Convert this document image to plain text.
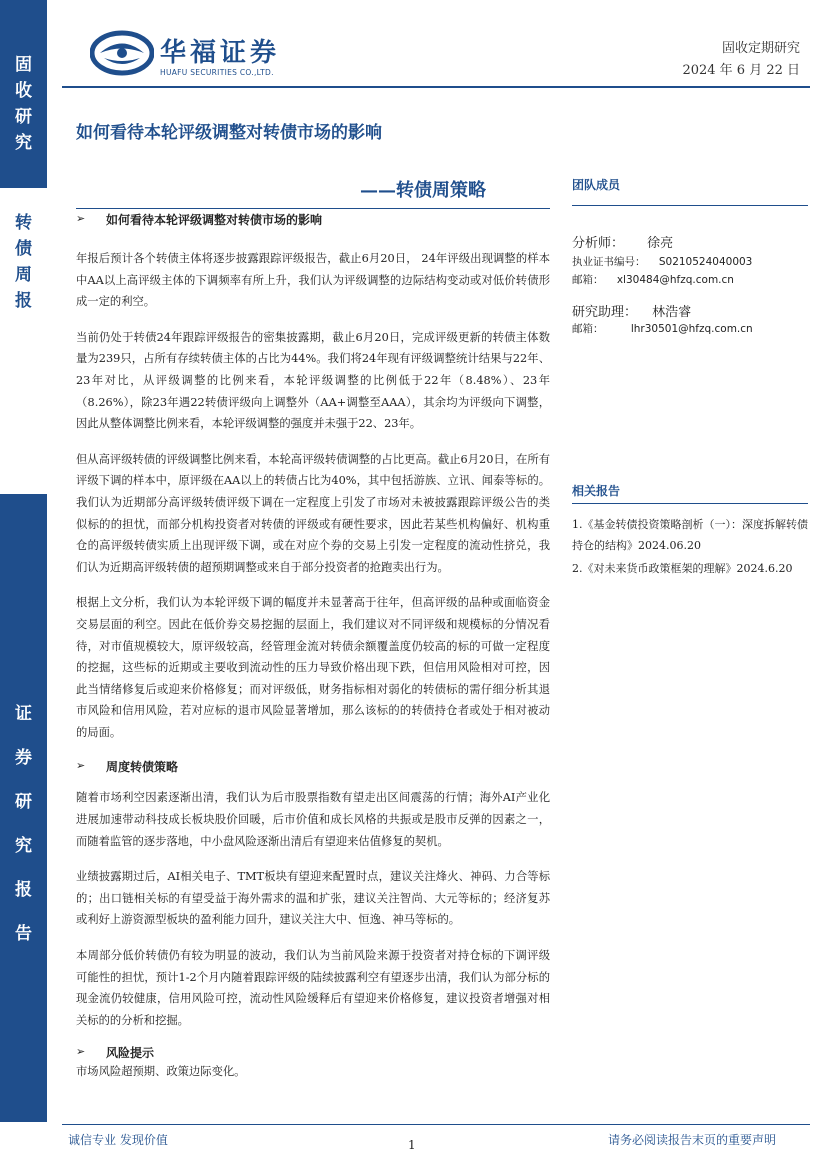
固
收
研
究
转
债
周
报
证
券
研
究
报
告
华福证券
HUAFU SECURITIES CO.,LTD.
固收定期研究
2024 年 6 月 22 日
如何看待本轮评级调整对转债市场的影响
——转债周策略
➢ 如何看待本轮评级调整对转债市场的影响

年报后预计各个转债主体将逐步披露跟踪评级报告，截止6月20日， 24年评级出现调整的样本中AA以上高评级主体的下调频率有所上升，我们认为评级调整的边际结构变动或对低价转债形成一定的利空。

当前仍处于转债24年跟踪评级报告的密集披露期，截止6月20日，完成评级更新的转债主体数量为239只，占所有存续转债主体的占比为44%。我们将24年现有评级调整统计结果与22年、23年对比，从评级调整的比例来看，本轮评级调整的比例低于22年（8.48%）、23年（8.26%），除23年遇22转债评级向上调整外（AA+调整至AAA），其余均为评级向下调整，因此从整体调整比例来看，本轮评级调整的强度并未强于22、23年。

但从高评级转债的评级调整比例来看，本轮高评级转债调整的占比更高。截止6月20日，在所有评级下调的样本中，原评级在AA以上的转债占比为40%，其中包括游族、立讯、闻泰等标的。我们认为近期部分高评级转债评级下调在一定程度上引发了市场对未被披露跟踪评级公告的类似标的的担忧，而部分机构投资者对转债的评级或有硬性要求，因此若某些机构偏好、机构重仓的高评级转债实质上出现评级下调，或在对应个券的交易上引发一定程度的流动性挤兑，我们认为近期高评级转债的超预期调整或来自于部分投资者的抢跑卖出行为。

根据上文分析，我们认为本轮评级下调的幅度并未显著高于往年，但高评级的品种或面临资金交易层面的利空。因此在低价券交易挖掘的层面上，我们建议对不同评级和规模标的分情况看待，对市值规模较大，原评级较高，经管理金流对转债余额覆盖度仍较高的标的可做一定程度的挖掘，这些标的近期或主要收到流动性的压力导致价格出现下跌，但信用风险相对可控，因此当情绪修复后或迎来价格修复；而对评级低，财务指标相对弱化的转债标的需仔细分析其退市风险和信用风险，若对应标的退市风险显著增加，那么该标的的转债持仓者或处于相对被动的局面。

➢ 周度转债策略

随着市场利空因素逐渐出清，我们认为后市股票指数有望走出区间震荡的行情；海外AI产业化进展加速带动科技成长板块股价回暖，后市价值和成长风格的共振或是股市反弹的因素之一，而随着监管的逐步落地，中小盘风险逐渐出清后有望迎来估值修复的契机。

业绩披露期过后，AI相关电子、TMT板块有望迎来配置时点，建议关注烽火、神码、力合等标的；出口链相关标的有望受益于海外需求的温和扩张，建议关注智尚、大元等标的；经济复苏或利好上游资源型板块的盈利能力回升，建议关注大中、恒逸、神马等标的。

本周部分低价转债仍有较为明显的波动，我们认为当前风险来源于投资者对持仓标的下调评级可能性的担忧，预计1-2个月内随着跟踪评级的陆续披露利空有望逐步出清，我们认为部分标的现金流仍较健康，信用风险可控，流动性风险缓释后有望迎来价格修复，建议投资者增强对相关标的的分析和挖掘。

➢ 风险提示

市场风险超预期、政策边际变化。

团队成员
分析师： 徐亮
执业证书编号： S0210524040003
邮箱： xl30484@hfzq.com.cn
研究助理： 林浩睿
邮箱：	lhr30501@hfzq.com.cn
相关报告
1.《基金转债投资策略剖析（一）：深度拆解转债持仓的结构》2024.06.20
2.《对未来货币政策框架的理解》2024.6.20
诚信专业 发现价值	1	请务必阅读报告末页的重要声明
